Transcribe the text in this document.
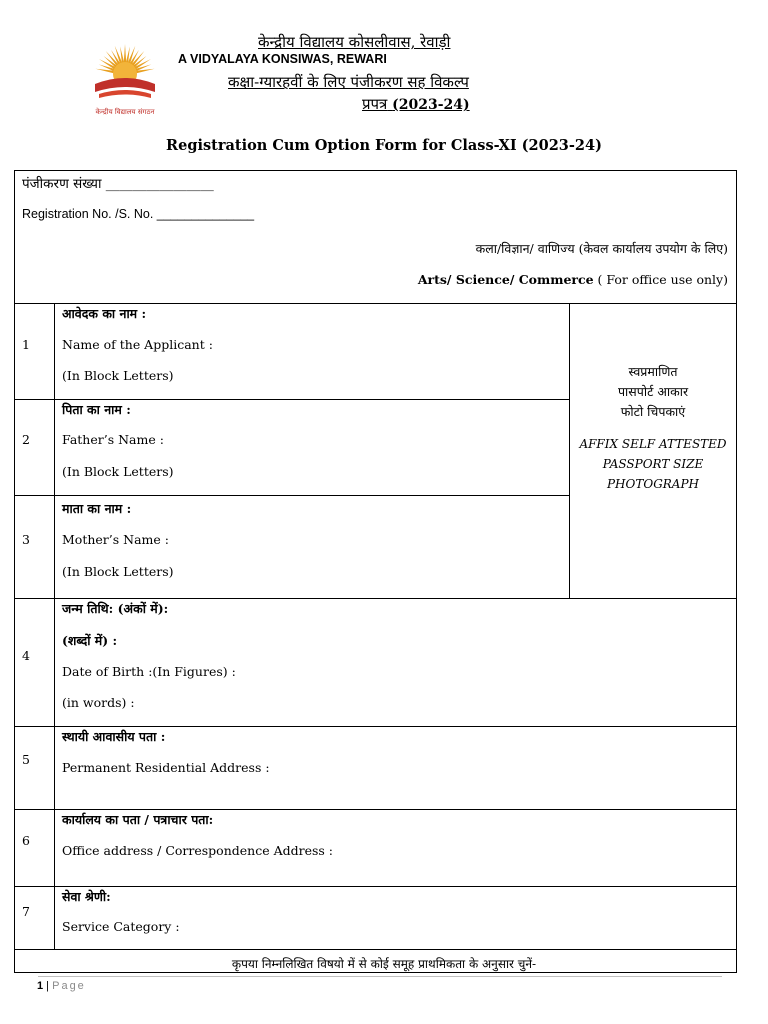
केन्द्रीय विद्यालय संगठन
केन्द्रीय विद्यालय कोसलीवास, रेवाड़ी
A VIDYALAYA KONSIWAS, REWARI
कक्षा-ग्यारहवीं के लिए पंजीकरण सह विकल्प
प्रपत्र (2023-24)
Registration Cum Option Form for Class-XI (2023-24)
पंजीकरण संख्या ________________
Registration No. /S. No. ______________
कला/विज्ञान/ वाणिज्य (केवल कार्यालय उपयोग के लिए)
Arts/ Science/ Commerce ( For office use only)
स्वप्रमाणित
पासपोर्ट आकार
फोटो चिपकाएं
AFFIX SELF ATTESTED
PASSPORT SIZE
PHOTOGRAPH
1
आवेदक का नाम :
Name of the Applicant :
(In Block Letters)
2
पिता का नाम :
Father’s Name :
(In Block Letters)
3
माता का नाम :
Mother’s Name :
(In Block Letters)
4
जन्म तिथि: (अंकों में):
(शब्दों में) :
Date of Birth :(In Figures) :
(in words) :
5
स्थायी आवासीय पता :
Permanent Residential Address :
6
कार्यालय का पता / पत्राचार पता:
Office address / Correspondence Address :
7
सेवा श्रेणी:
Service Category :
कृपया निम्नलिखित विषयो में से कोई समूह प्राथमिकता के अनुसार चुनें-
1 | Page
